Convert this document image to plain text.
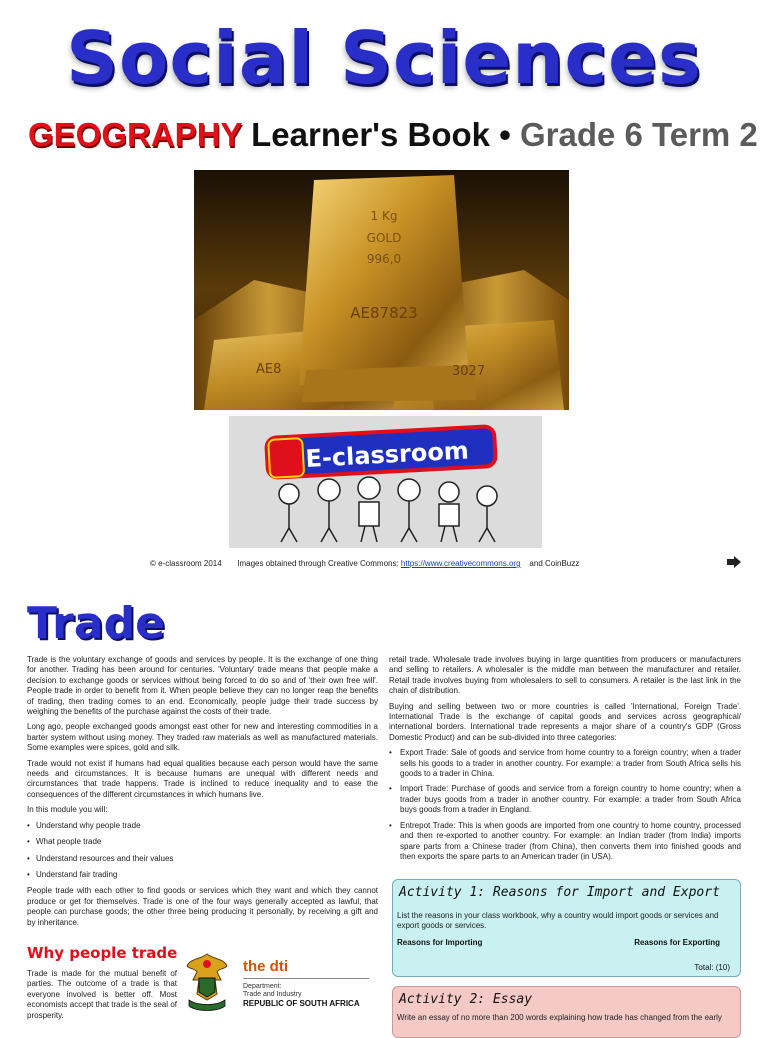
Social Sciences
GEOGRAPHY Learner's Book • Grade 6 Term 2
1 Kg
GOLD
996,0
AE87823
AE8	3027
E-classroom
© e-classroom 2014 Images obtained through Creative Commons: https://www.creativecommons.org and CoinBuzz
Trade

Trade is the voluntary exchange of goods and services by people. It is the exchange of one thing for another. Trading has been around for centuries. 'Voluntary' trade means that people make a decision to exchange goods or services without being forced to do so and of 'their own free will'. People trade in order to benefit from it. When people believe they can no longer reap the benefits of trading, then trading comes to an end. Economically, people judge their trade success by weighing the benefits of the purchase against the costs of their trade.

Long ago, people exchanged goods amongst east other for new and interesting commodities in a barter system without using money. They traded raw materials as well as manufactured materials. Some examples were spices, gold and silk.

Trade would not exist if humans had equal qualities because each person would have the same needs and circumstances. It is because humans are unequal with different needs and circumstances that trade happens. Trade is inclined to reduce inequality and to ease the consequences of the different circumstances in which humans live.

In this module you will:

• Understand why people trade
• What people trade
• Understand resources and their values
• Understand fair trading

People trade with each other to find goods or services which they want and which they cannot produce or get for themselves. Trade is one of the four ways generally accepted as lawful, that people can purchase goods; the other three being producing it personally, by receiving a gift and by inheritance.

Why people trade
Trade is made for the mutual benefit of parties. The outcome of a trade is that everyone involved is better off. Most economists accept that trade is the seal of prosperity.
the dti
Department:
Trade and Industry
REPUBLIC OF SOUTH AFRICA

retail trade. Wholesale trade involves buying in large quantities from producers or manufacturers and selling to retailers. A wholesaler is the middle man between the manufacturer and retailer. Retail trade involves buying from wholesalers to sell to consumers. A retailer is the last link in the chain of distribution.

Buying and selling between two or more countries is called 'International, Foreign Trade'. International Trade is the exchange of capital goods and services across geographical/ international borders. International trade represents a major share of a country's GDP (Gross Domestic Product) and can be sub-divided into three categories:

• Export Trade: Sale of goods and service from home country to a foreign country; when a trader sells his goods to a trader in another country. For example: a trader from South Africa sells his goods to a trader in China.
• Import Trade: Purchase of goods and service from a foreign country to home country; when a trader buys goods from a trader in another country. For example: a trader from South Africa buys goods from a trader in England.
• Entrepot Trade: This is when goods are imported from one country to home country, processed and then re-exported to another country. For example: an Indian trader (from India) imports spare parts from a Chinese trader (from China), then converts them into finished goods and then exports the spare parts to an American trader (in USA).
Activity 1: Reasons for Import and Export
List the reasons in your class workbook, why a country would import goods or services and export goods or services.
Reasons for Importing	Reasons for Exporting
Total: (10)
Activity 2: Essay
Write an essay of no more than 200 words explaining how trade has changed from the early
